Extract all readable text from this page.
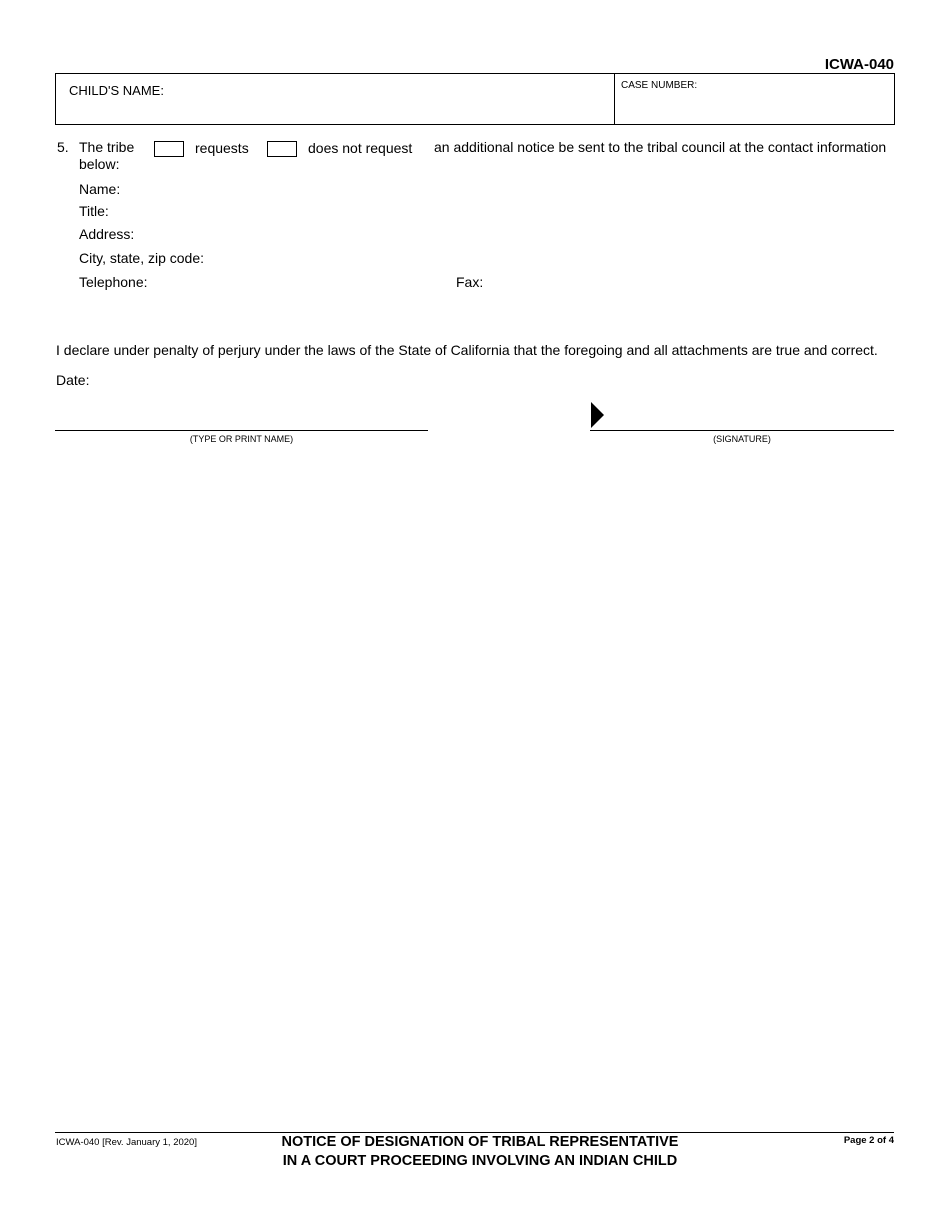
ICWA-040
CHILD'S NAME:	CASE NUMBER:
5. The tribe
below:
requests	does not request an additional notice be sent to the tribal council at the contact information
Name:
Title:
Address:
City, state, zip code:
Telephone:	Fax:
I declare under penalty of perjury under the laws of the State of California that the foregoing and all attachments are true and correct.
Date:
(TYPE OR PRINT NAME)	(SIGNATURE)
ICWA-040 [Rev. January 1, 2020]	NOTICE OF DESIGNATION OF TRIBAL REPRESENTATIVE
IN A COURT PROCEEDING INVOLVING AN INDIAN CHILD
Page 2 of 4
